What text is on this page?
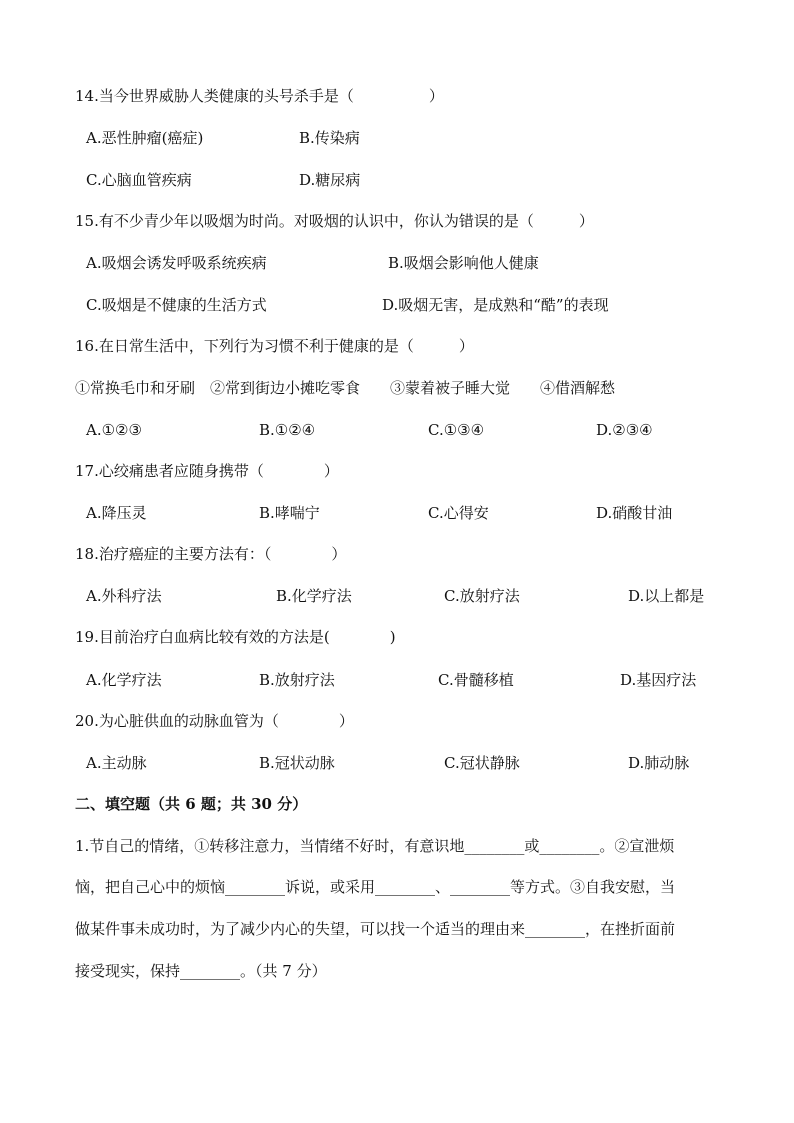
14.当今世界威胁人类健康的头号杀手是（　　　　　）
A.恶性肿瘤(癌症)	B.传染病
C.心脑血管疾病	D.糖尿病
15.有不少青少年以吸烟为时尚。对吸烟的认识中，你认为错误的是（　　　）
A.吸烟会诱发呼吸系统疾病	B.吸烟会影响他人健康
C.吸烟是不健康的生活方式	D.吸烟无害，是成熟和“酷”的表现
16.在日常生活中，下列行为习惯不利于健康的是（　　　）
①常换毛巾和牙刷　②常到街边小摊吃零食　　③蒙着被子睡大觉　　④借酒解愁
A.①②③	B.①②④	C.①③④	D.②③④
17.心绞痛患者应随身携带（　　　　）
A.降压灵	B.哮喘宁	C.心得安	D.硝酸甘油
18.治疗癌症的主要方法有：（　　　　）
A.外科疗法	B.化学疗法	C.放射疗法	D.以上都是
19.目前治疗白血病比较有效的方法是(　　　　)
A.化学疗法	B.放射疗法	C.骨髓移植	D.基因疗法
20.为心脏供血的动脉血管为（　　　　）
A.主动脉	B.冠状动脉	C.冠状静脉	D.肺动脉
二、填空题（共 6 题；共 30 分）
1.节自己的情绪，①转移注意力，当情绪不好时，有意识地________或________。②宣泄烦
恼，把自己心中的烦恼________诉说，或采用________、________等方式。③自我安慰，当
做某件事未成功时，为了减少内心的失望，可以找一个适当的理由来________，在挫折面前
接受现实，保持________。（共 7 分）
